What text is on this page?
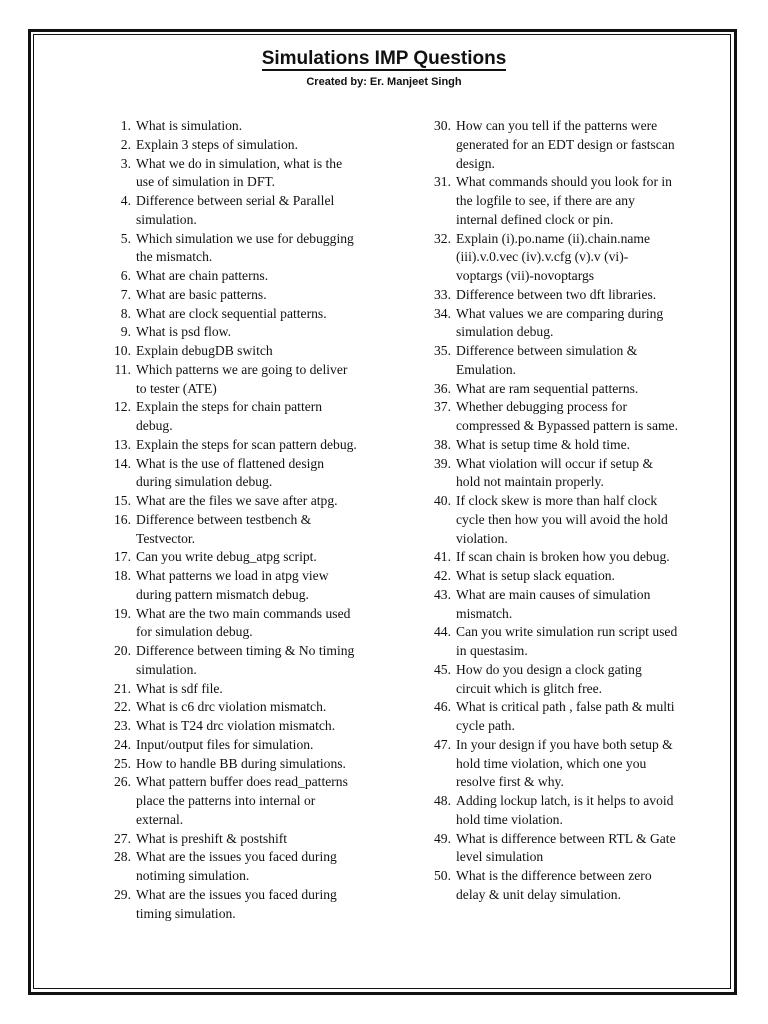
Simulations IMP Questions
Created by: Er. Manjeet Singh
1. What is simulation.
2. Explain 3 steps of simulation.
3. What we do in simulation, what is the
use of simulation in DFT.
4. Difference between serial & Parallel
simulation.
5. Which simulation we use for debugging
the mismatch.
6. What are chain patterns.
7. What are basic patterns.
8. What are clock sequential patterns.
9. What is psd flow.
10. Explain debugDB switch
11. Which patterns we are going to deliver
to tester (ATE)
12. Explain the steps for chain pattern
debug.
13. Explain the steps for scan pattern debug.
14. What is the use of flattened design
during simulation debug.
15. What are the files we save after atpg.
16. Difference between testbench &
Testvector.
17. Can you write debug_atpg script.
18. What patterns we load in atpg view
during pattern mismatch debug.
19. What are the two main commands used
for simulation debug.
20. Difference between timing & No timing
simulation.
21. What is sdf file.
22. What is c6 drc violation mismatch.
23. What is T24 drc violation mismatch.
24. Input/output files for simulation.
25. How to handle BB during simulations.
26. What pattern buffer does read_patterns
place the patterns into internal or
external.
27. What is preshift & postshift
28. What are the issues you faced during
notiming simulation.
29. What are the issues you faced during
timing simulation.
30. How can you tell if the patterns were
generated for an EDT design or fastscan
design.
31. What commands should you look for in
the logfile to see, if there are any
internal defined clock or pin.
32. Explain (i).po.name (ii).chain.name
(iii).v.0.vec (iv).v.cfg (v).v (vi)-
voptargs (vii)-novoptargs
33. Difference between two dft libraries.
34. What values we are comparing during
simulation debug.
35. Difference between simulation &
Emulation.
36. What are ram sequential patterns.
37. Whether debugging process for
compressed & Bypassed pattern is same.
38. What is setup time & hold time.
39. What violation will occur if setup &
hold not maintain properly.
40. If clock skew is more than half clock
cycle then how you will avoid the hold
violation.
41. If scan chain is broken how you debug.
42. What is setup slack equation.
43. What are main causes of simulation
mismatch.
44. Can you write simulation run script used
in questasim.
45. How do you design a clock gating
circuit which is glitch free.
46. What is critical path , false path & multi
cycle path.
47. In your design if you have both setup &
hold time violation, which one you
resolve first & why.
48. Adding lockup latch, is it helps to avoid
hold time violation.
49. What is difference between RTL & Gate
level simulation
50. What is the difference between zero
delay & unit delay simulation.
